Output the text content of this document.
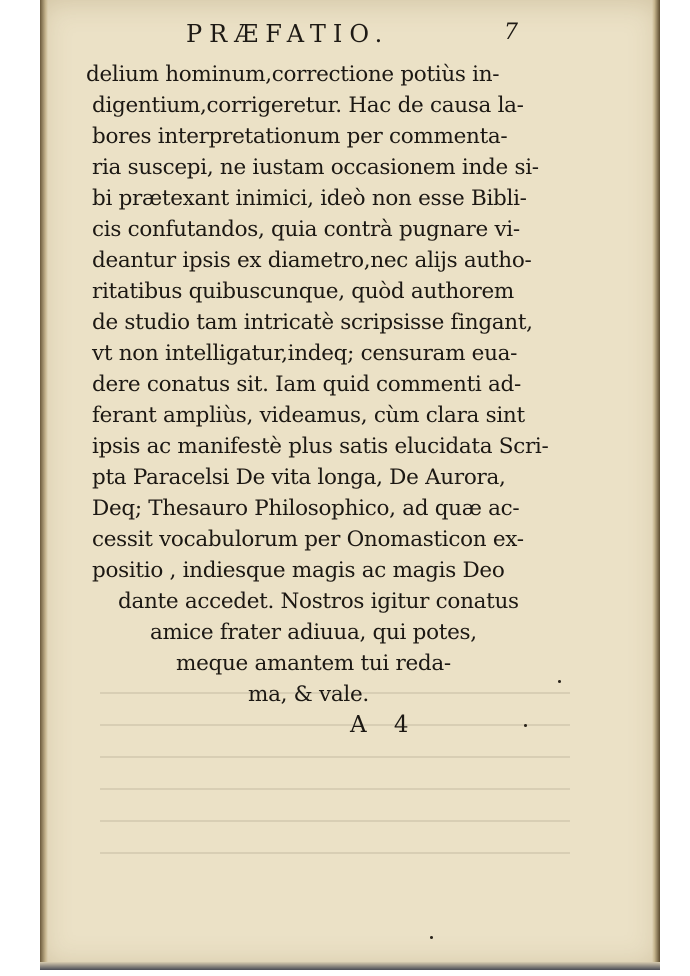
PRÆFATIO.	7
delium hominum,correctione potiùs in-
digentium,corrigeretur. Hac de causa la-
bores interpretationum per commenta-
ria suscepi, ne iustam occasionem inde si-
bi prætexant inimici, ideò non esse Bibli-
cis confutandos, quia contrà pugnare vi-
deantur ipsis ex diametro,nec alijs autho-
ritatibus quibuscunque, quòd authorem
de studio tam intricatè scripsisse fingant,
vt non intelligatur,indeq; censuram eua-
dere conatus sit. Iam quid commenti ad-
ferant ampliùs, videamus, cùm clara sint
ipsis ac manifestè plus satis elucidata Scri-
pta Paracelsi De vita longa, De Aurora,
Deq; Thesauro Philosophico, ad quæ ac-
cessit vocabulorum per Onomasticon ex-
positio , indiesque magis ac magis Deo
dante accedet. Nostros igitur conatus
amice frater adiuua, qui potes,
meque amantem tui reda-
ma, & vale.
A 4
